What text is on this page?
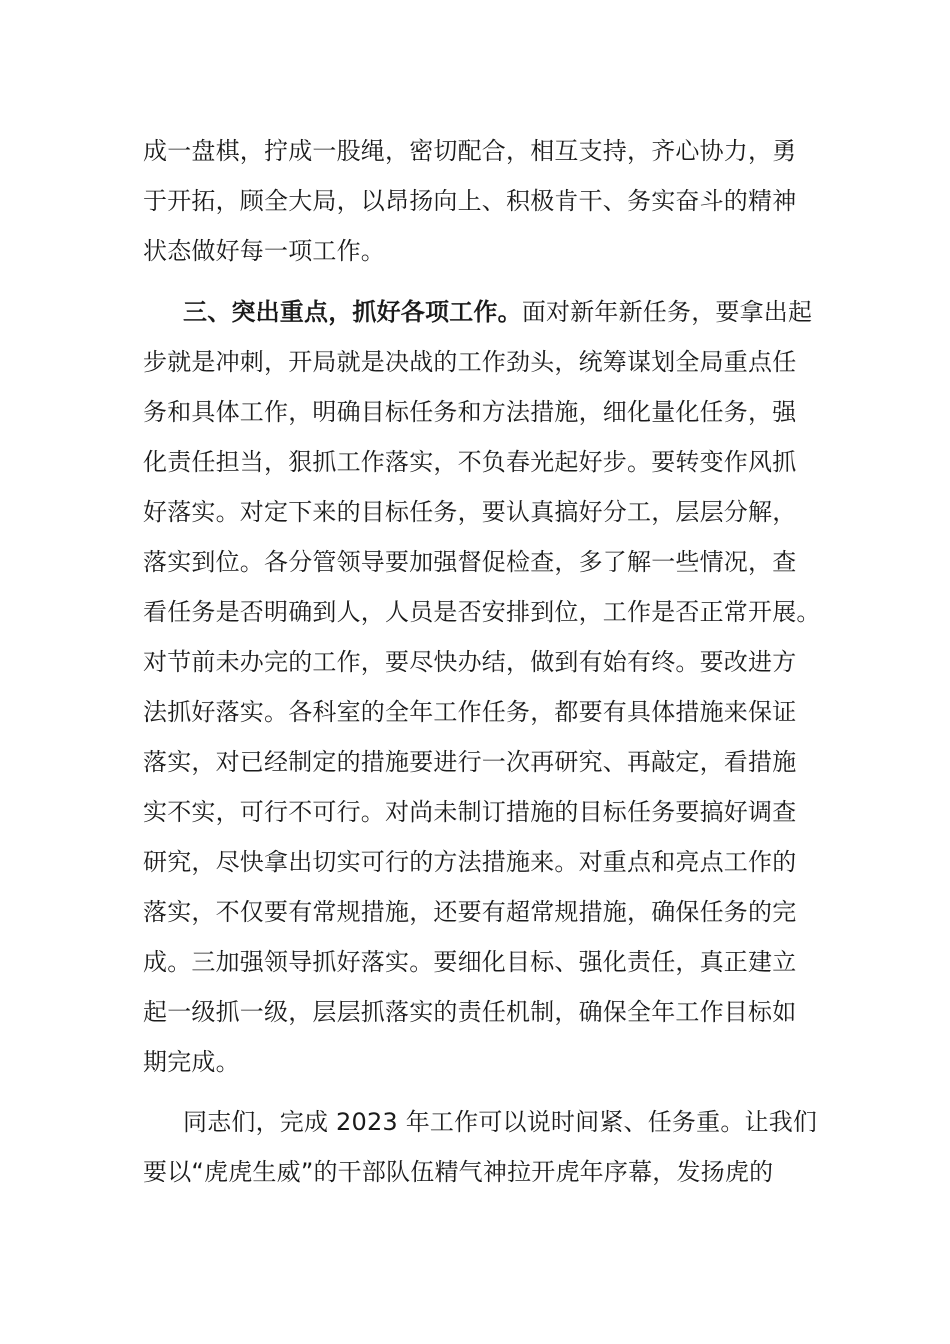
成一盘棋，拧成一股绳，密切配合，相互支持，齐心协力，勇
于开拓，顾全大局，以昂扬向上、积极肯干、务实奋斗的精神
状态做好每一项工作。
三、突出重点，抓好各项工作。面对新年新任务，要拿出起
步就是冲刺，开局就是决战的工作劲头，统筹谋划全局重点任
务和具体工作，明确目标任务和方法措施，细化量化任务，强
化责任担当，狠抓工作落实，不负春光起好步。要转变作风抓
好落实。对定下来的目标任务，要认真搞好分工，层层分解，
落实到位。各分管领导要加强督促检查，多了解一些情况，查
看任务是否明确到人，人员是否安排到位，工作是否正常开展。
对节前未办完的工作，要尽快办结，做到有始有终。要改进方
法抓好落实。各科室的全年工作任务，都要有具体措施来保证
落实，对已经制定的措施要进行一次再研究、再敲定，看措施
实不实，可行不可行。对尚未制订措施的目标任务要搞好调查
研究，尽快拿出切实可行的方法措施来。对重点和亮点工作的
落实，不仅要有常规措施，还要有超常规措施，确保任务的完
成。三加强领导抓好落实。要细化目标、强化责任，真正建立
起一级抓一级，层层抓落实的责任机制，确保全年工作目标如
期完成。
同志们，完成 2023 年工作可以说时间紧、任务重。让我们
要以“虎虎生威”的干部队伍精气神拉开虎年序幕，发扬虎的
